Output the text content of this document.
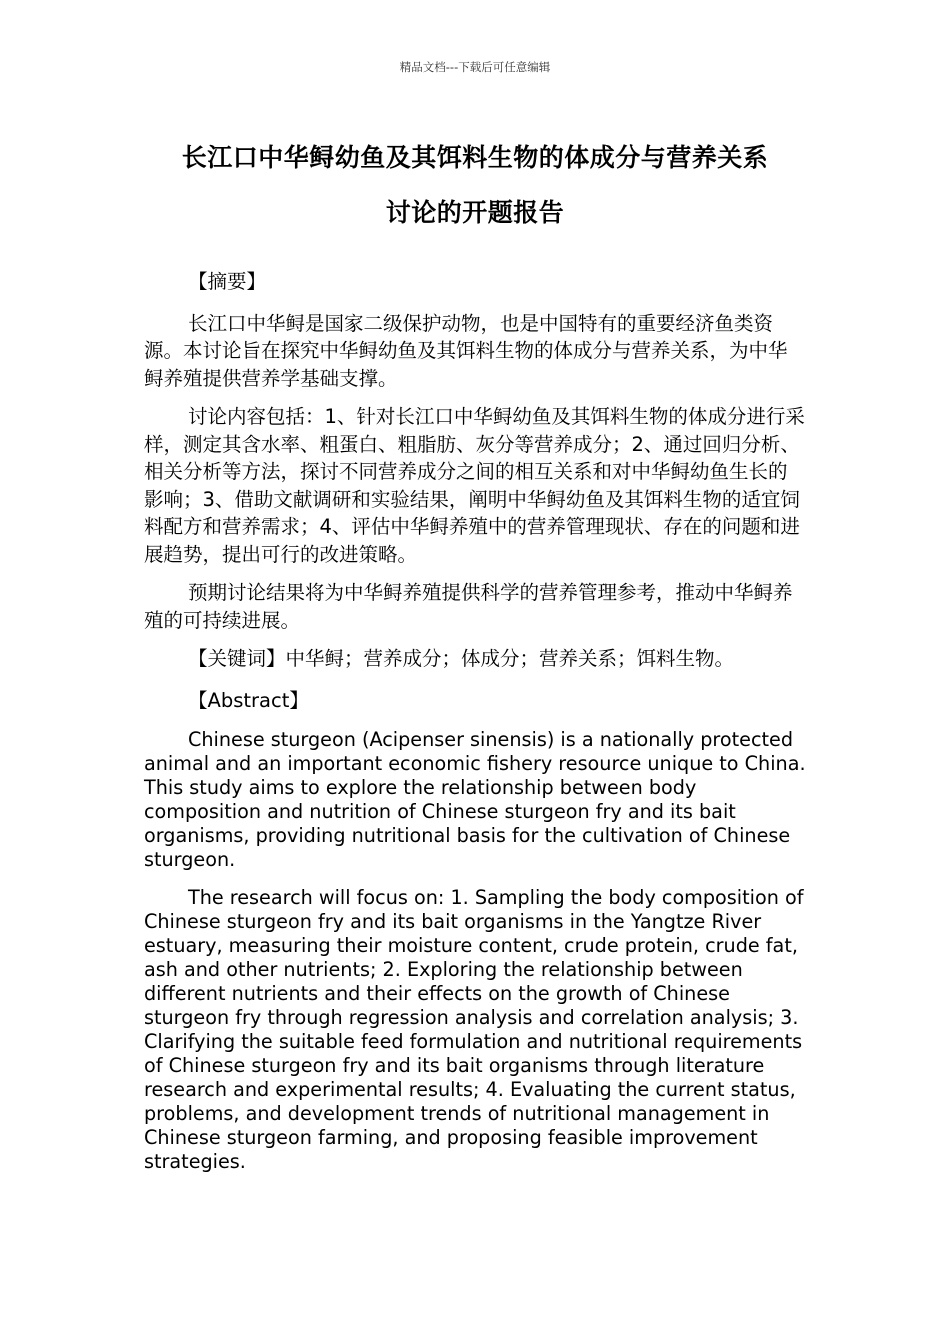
精品文档---下载后可任意编辑
长江口中华鲟幼鱼及其饵料生物的体成分与营养关系
讨论的开题报告

【摘要】

长江口中华鲟是国家二级保护动物，也是中国特有的重要经济鱼类资源。本讨论旨在探究中华鲟幼鱼及其饵料生物的体成分与营养关系，为中华鲟养殖提供营养学基础支撑。

讨论内容包括：1、针对长江口中华鲟幼鱼及其饵料生物的体成分进行采样，测定其含水率、粗蛋白、粗脂肪、灰分等营养成分；2、通过回归分析、相关分析等方法，探讨不同营养成分之间的相互关系和对中华鲟幼鱼生长的影响；3、借助文献调研和实验结果，阐明中华鲟幼鱼及其饵料生物的适宜饲料配方和营养需求；4、评估中华鲟养殖中的营养管理现状、存在的问题和进展趋势，提出可行的改进策略。

预期讨论结果将为中华鲟养殖提供科学的营养管理参考，推动中华鲟养殖的可持续进展。

【关键词】中华鲟；营养成分；体成分；营养关系；饵料生物。

【Abstract】

Chinese sturgeon (Acipenser sinensis) is a nationally protected animal and an important economic fishery resource unique to China. This study aims to explore the relationship between body composition and nutrition of Chinese sturgeon fry and its bait organisms, providing nutritional basis for the cultivation of Chinese sturgeon.

The research will focus on: 1. Sampling the body composition of Chinese sturgeon fry and its bait organisms in the Yangtze River estuary, measuring their moisture content, crude protein, crude fat, ash and other nutrients; 2. Exploring the relationship between different nutrients and their effects on the growth of Chinese sturgeon fry through regression analysis and correlation analysis; 3. Clarifying the suitable feed formulation and nutritional requirements of Chinese sturgeon fry and its bait organisms through literature research and experimental results; 4. Evaluating the current status, problems, and development trends of nutritional management in Chinese sturgeon farming, and proposing feasible improvement strategies.
